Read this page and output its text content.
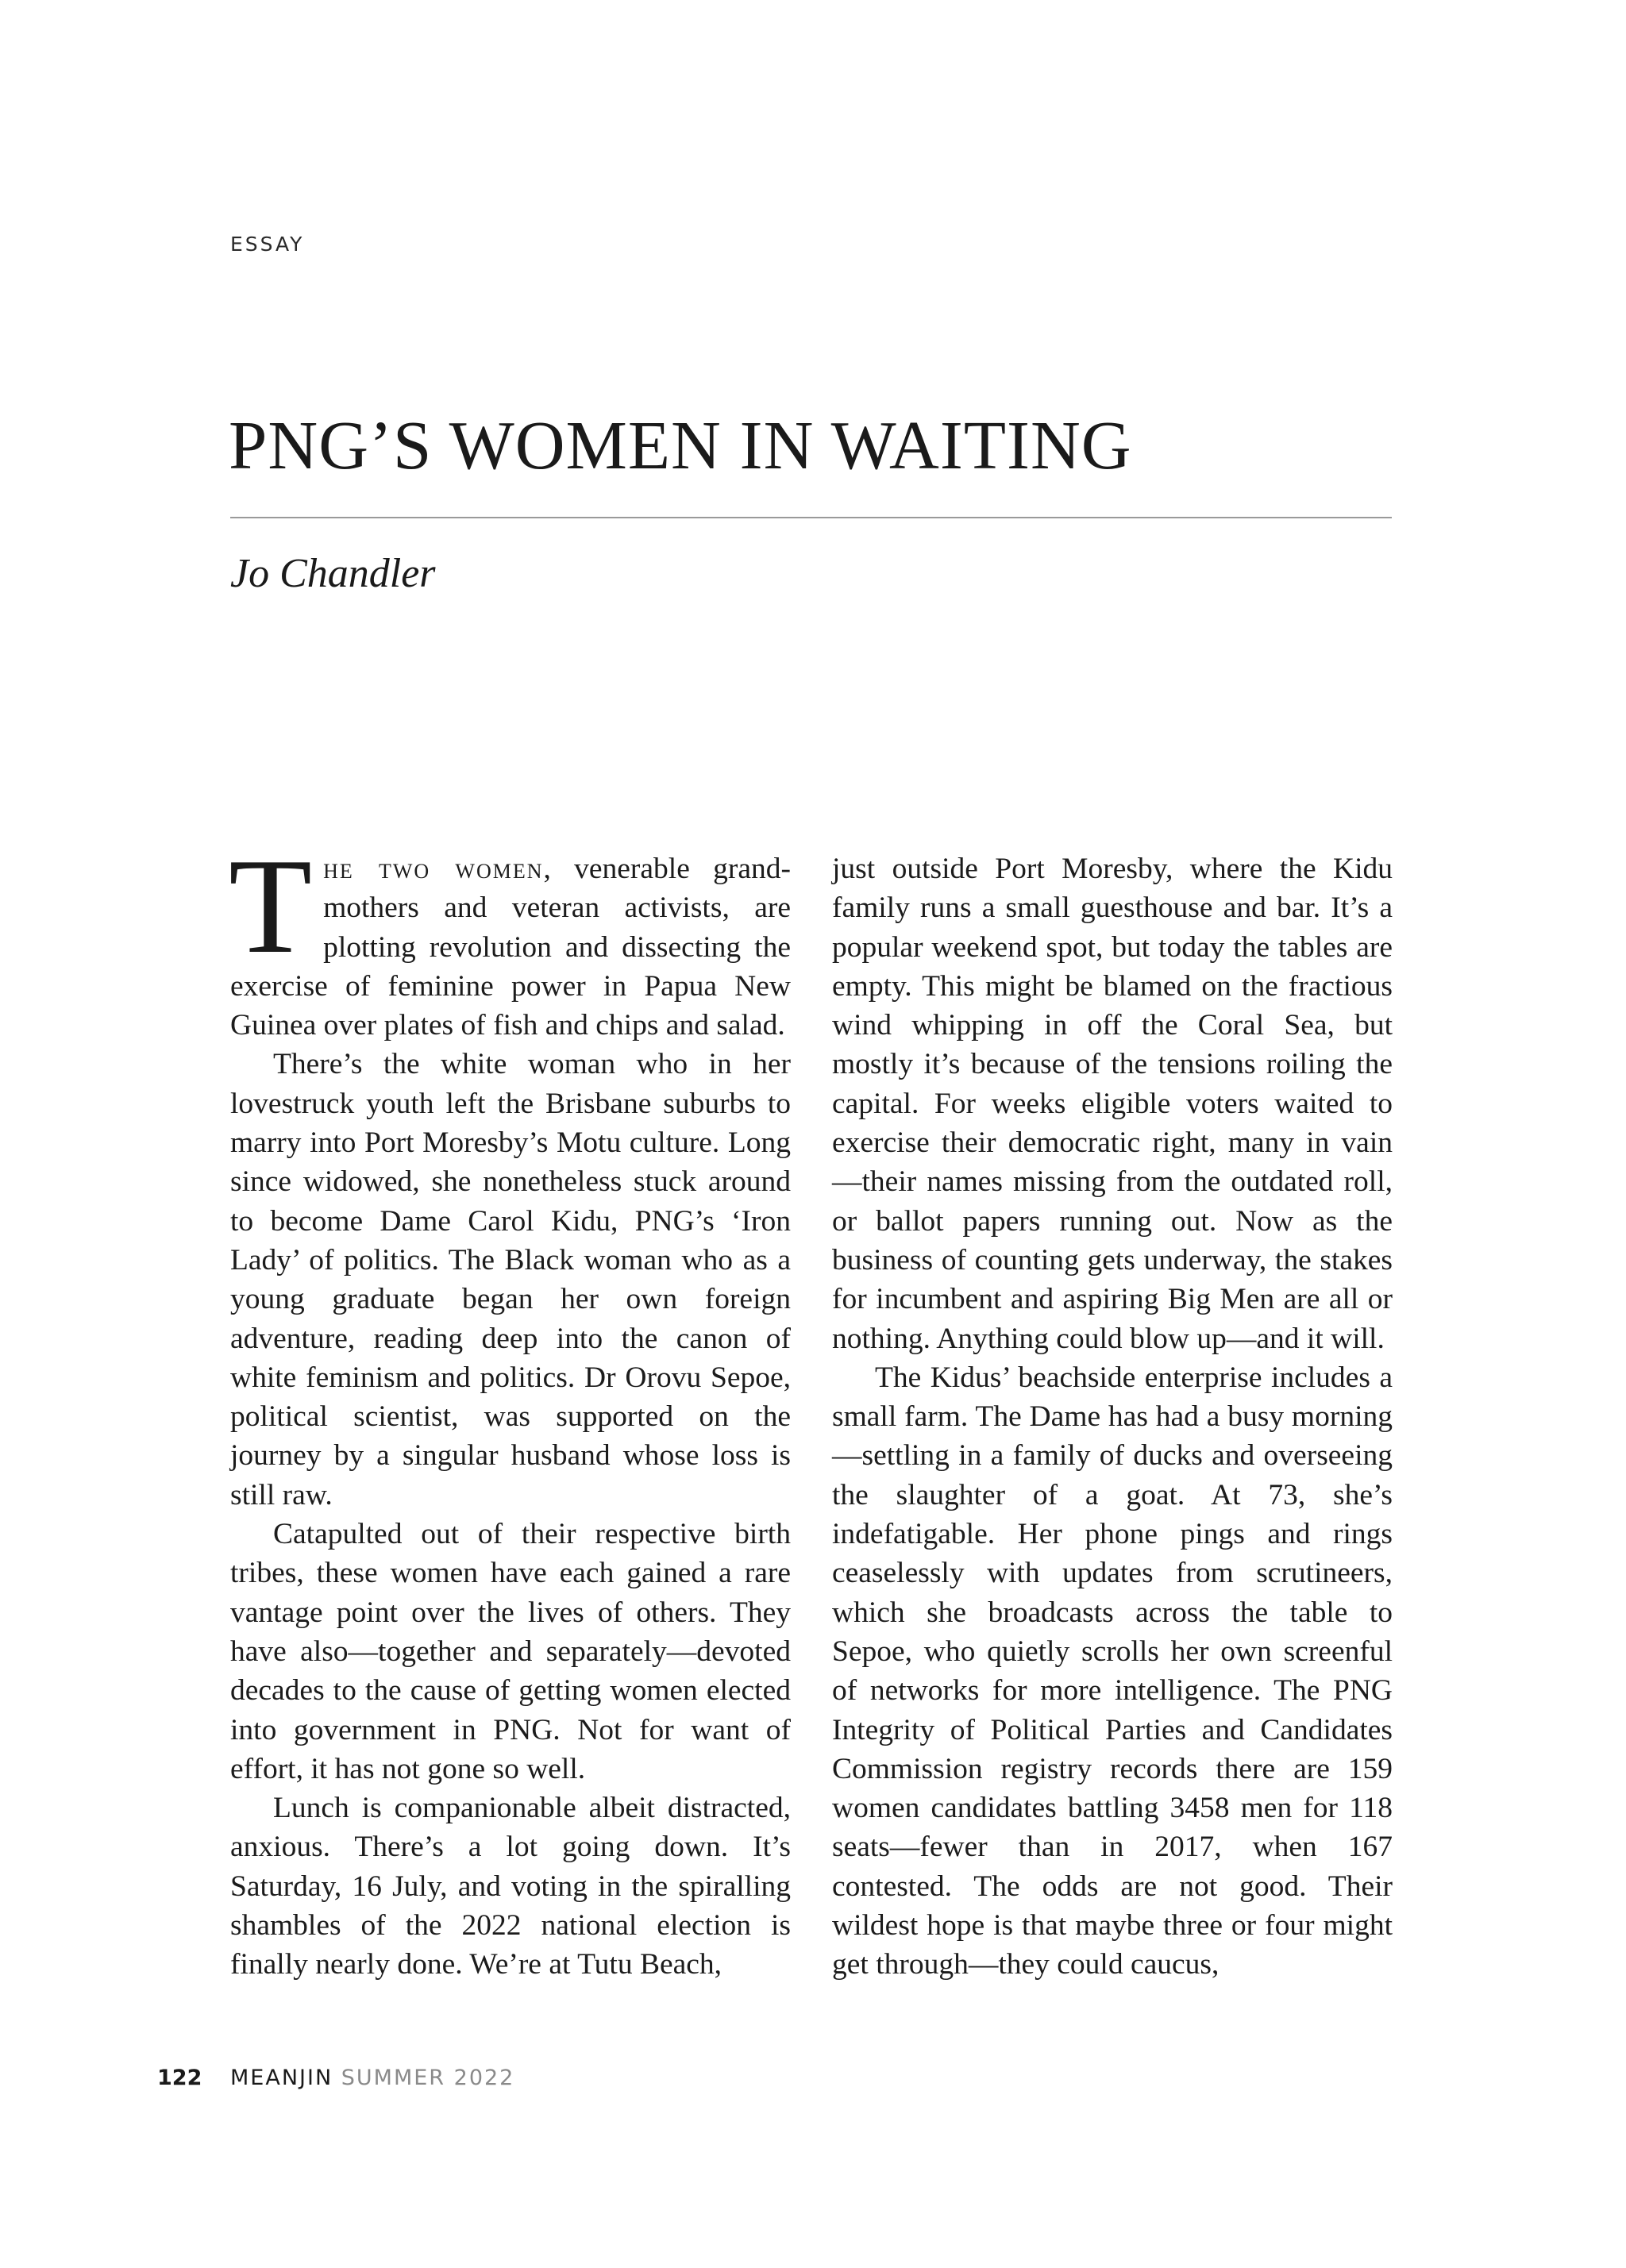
ESSAY

PNG’S WOMEN IN WAITING

Jo Chandler

The two women, venerable grandmothers and veteran activists, are plotting revolution and dissecting the exercise of feminine power in Papua New Guinea over plates of fish and chips and salad.

There’s the white woman who in her lovestruck youth left the Brisbane suburbs to marry into Port Moresby’s Motu culture. Long since widowed, she nonetheless stuck around to become Dame Carol Kidu, PNG’s ‘Iron Lady’ of politics. The Black woman who as a young graduate began her own foreign adventure, reading deep into the canon of white feminism and politics. Dr Orovu Sepoe, political scientist, was supported on the journey by a singular husband whose loss is still raw.

Catapulted out of their respective birth tribes, these women have each gained a rare vantage point over the lives of others. They have also—together and separately—devoted decades to the cause of getting women elected into government in PNG. Not for want of effort, it has not gone so well.

Lunch is companionable albeit distracted, anxious. There’s a lot going down. It’s Saturday, 16 July, and voting in the spiralling shambles of the 2022 national election is finally nearly done. We’re at Tutu Beach,

just outside Port Moresby, where the Kidu family runs a small guesthouse and bar. It’s a popular weekend spot, but today the tables are empty. This might be blamed on the fractious wind whipping in off the Coral Sea, but mostly it’s because of the tensions roiling the capital. For weeks eligible voters waited to exercise their democratic right, many in vain—their names missing from the outdated roll, or ballot papers running out. Now as the business of counting gets underway, the stakes for incumbent and aspiring Big Men are all or nothing. Anything could blow up—and it will.

The Kidus’ beachside enterprise includes a small farm. The Dame has had a busy morning—settling in a family of ducks and overseeing the slaughter of a goat. At 73, she’s indefatigable. Her phone pings and rings ceaselessly with updates from scrutineers, which she broadcasts across the table to Sepoe, who quietly scrolls her own screenful of networks for more intelligence. The PNG Integrity of Political Parties and Candidates Commission registry records there are 159 women candidates battling 3458 men for 118 seats—fewer than in 2017, when 167 contested. The odds are not good. Their wildest hope is that maybe three or four might get through—they could caucus,

122 MEANJIN SUMMER 2022
